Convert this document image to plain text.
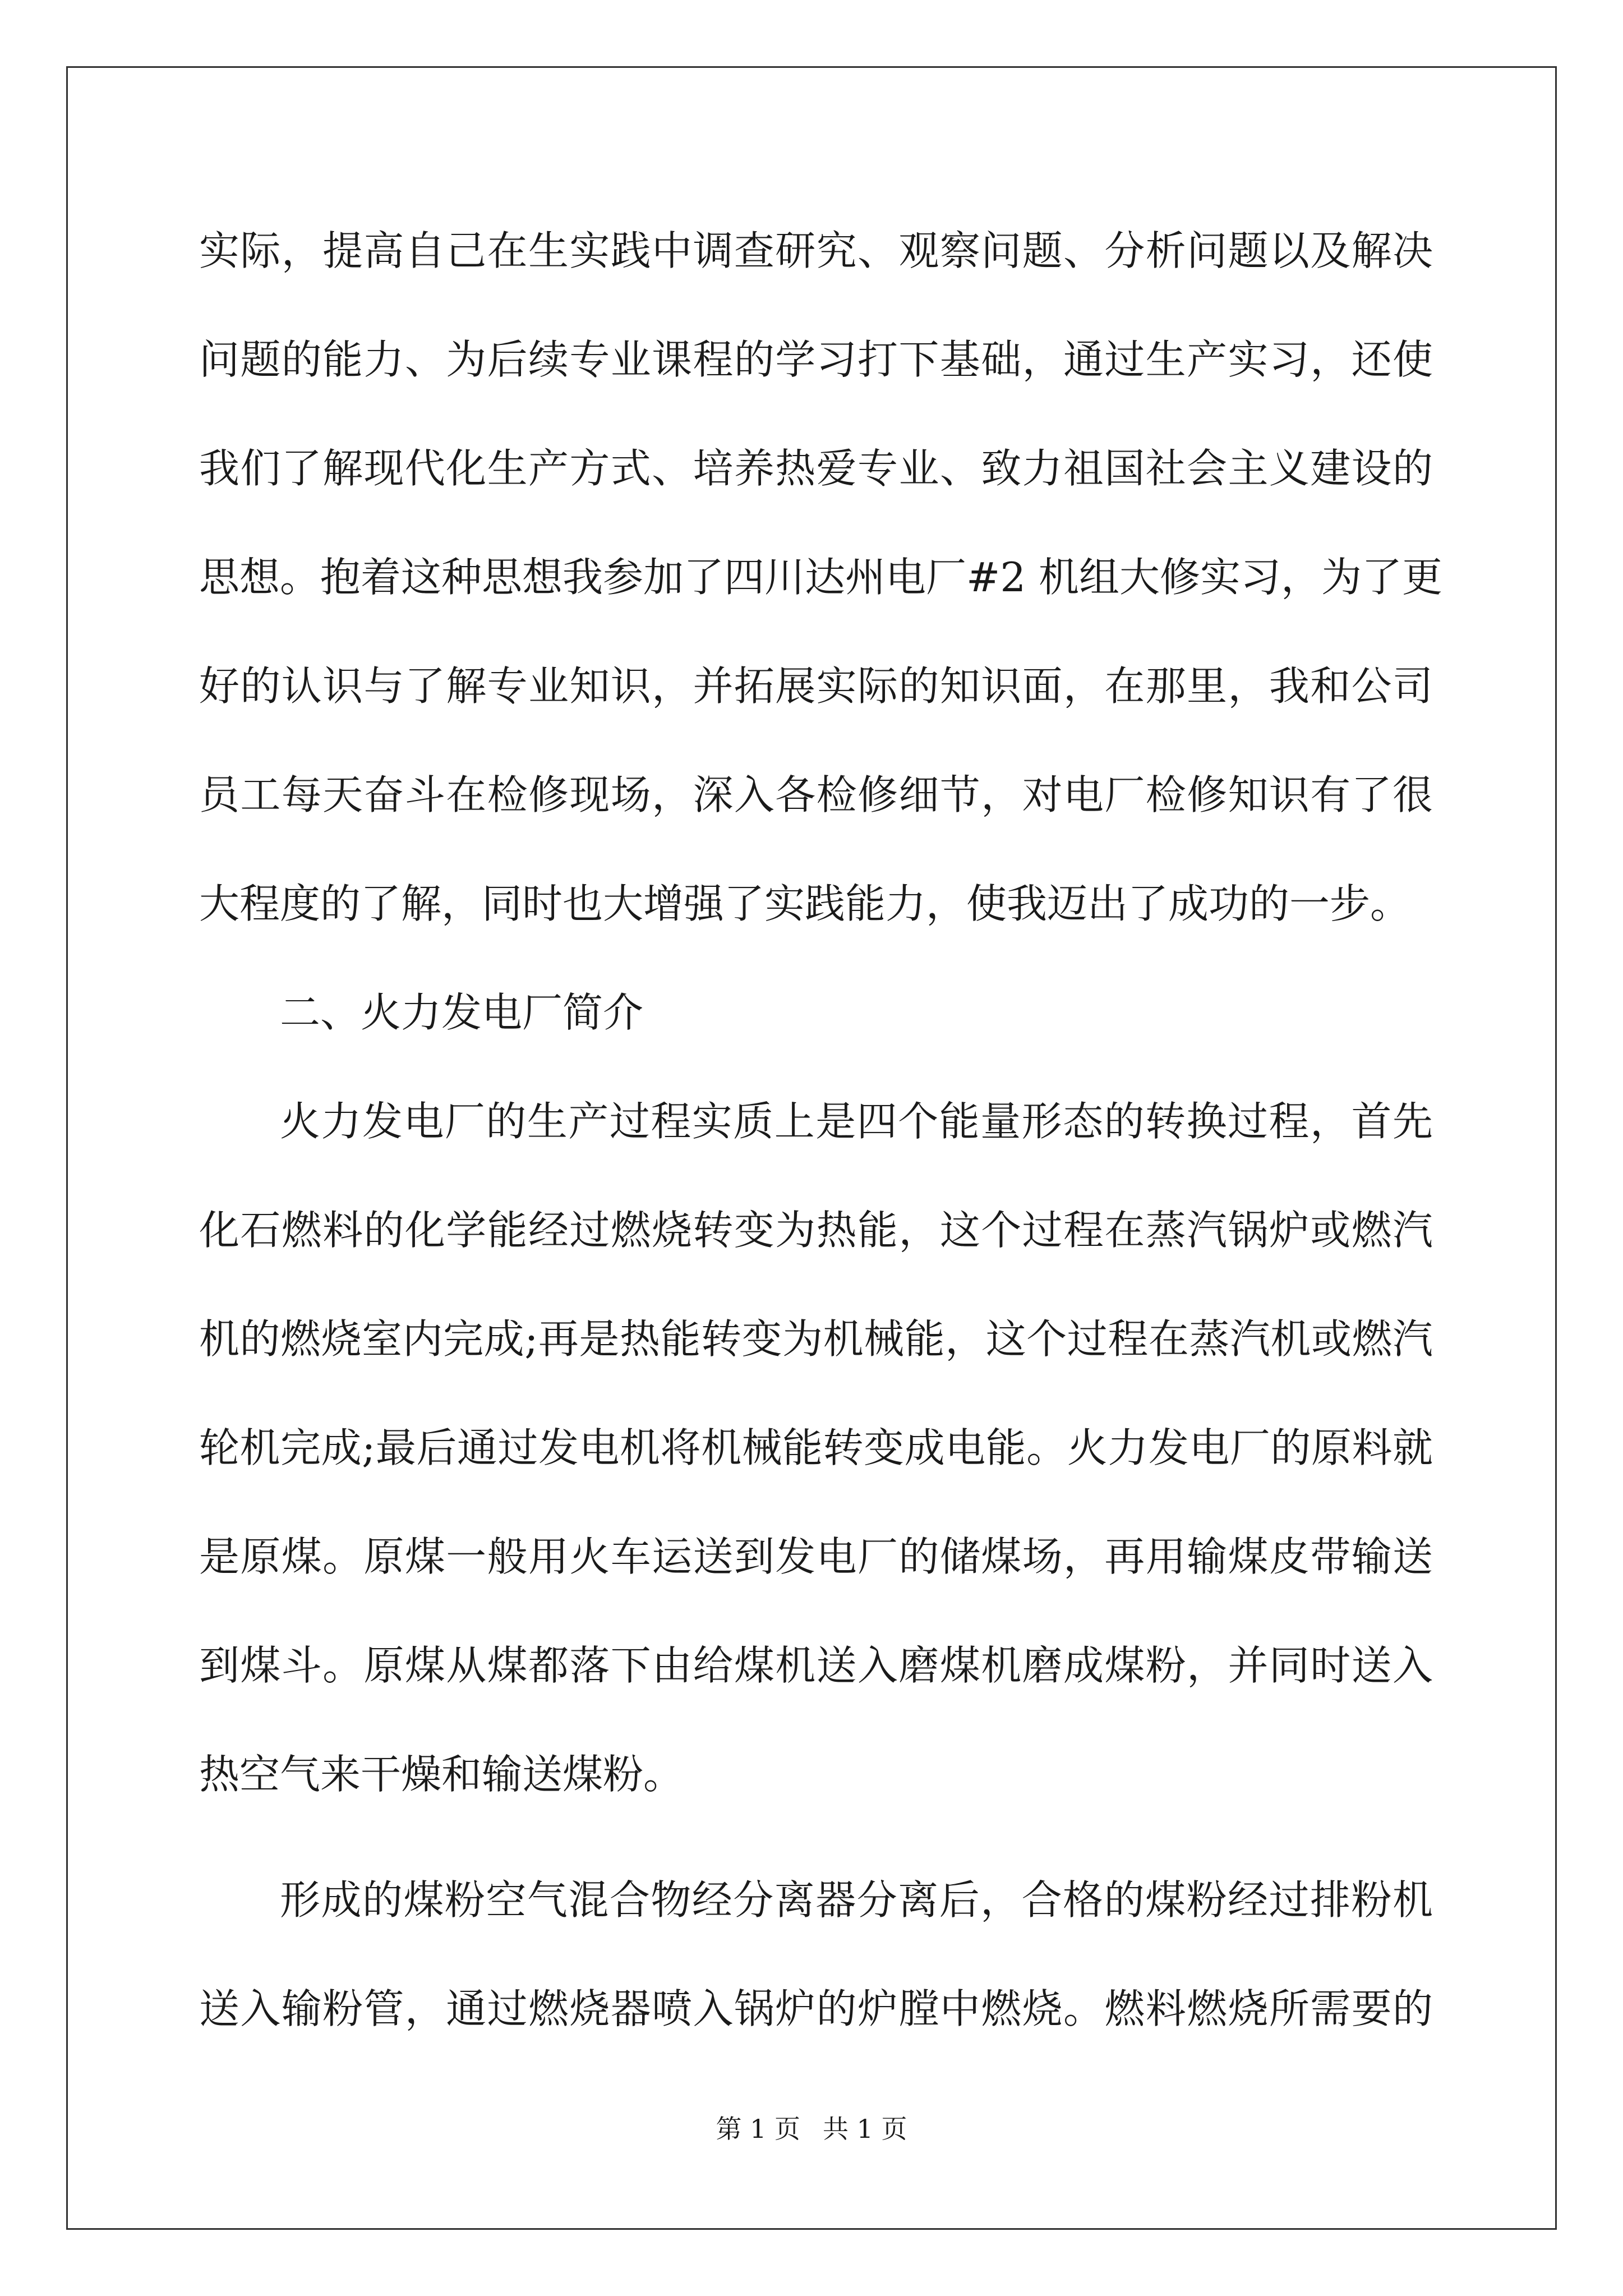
实际，提高自己在生实践中调查研究、观察问题、分析问题以及解决
问题的能力、为后续专业课程的学习打下基础，通过生产实习，还使
我们了解现代化生产方式、培养热爱专业、致力祖国社会主义建设的
思想。抱着这种思想我参加了四川达州电厂#2 机组大修实习，为了更
好的认识与了解专业知识，并拓展实际的知识面，在那里，我和公司
员工每天奋斗在检修现场，深入各检修细节，对电厂检修知识有了很
大程度的了解，同时也大增强了实践能力，使我迈出了成功的一步。
二、火力发电厂简介
火力发电厂的生产过程实质上是四个能量形态的转换过程，首先
化石燃料的化学能经过燃烧转变为热能，这个过程在蒸汽锅炉或燃汽
机的燃烧室内完成;再是热能转变为机械能，这个过程在蒸汽机或燃汽
轮机完成;最后通过发电机将机械能转变成电能。火力发电厂的原料就
是原煤。原煤一般用火车运送到发电厂的储煤场，再用输煤皮带输送
到煤斗。原煤从煤都落下由给煤机送入磨煤机磨成煤粉，并同时送入
热空气来干燥和输送煤粉。
形成的煤粉空气混合物经分离器分离后，合格的煤粉经过排粉机
送入输粉管，通过燃烧器喷入锅炉的炉膛中燃烧。燃料燃烧所需要的
第 1 页 共 1 页
